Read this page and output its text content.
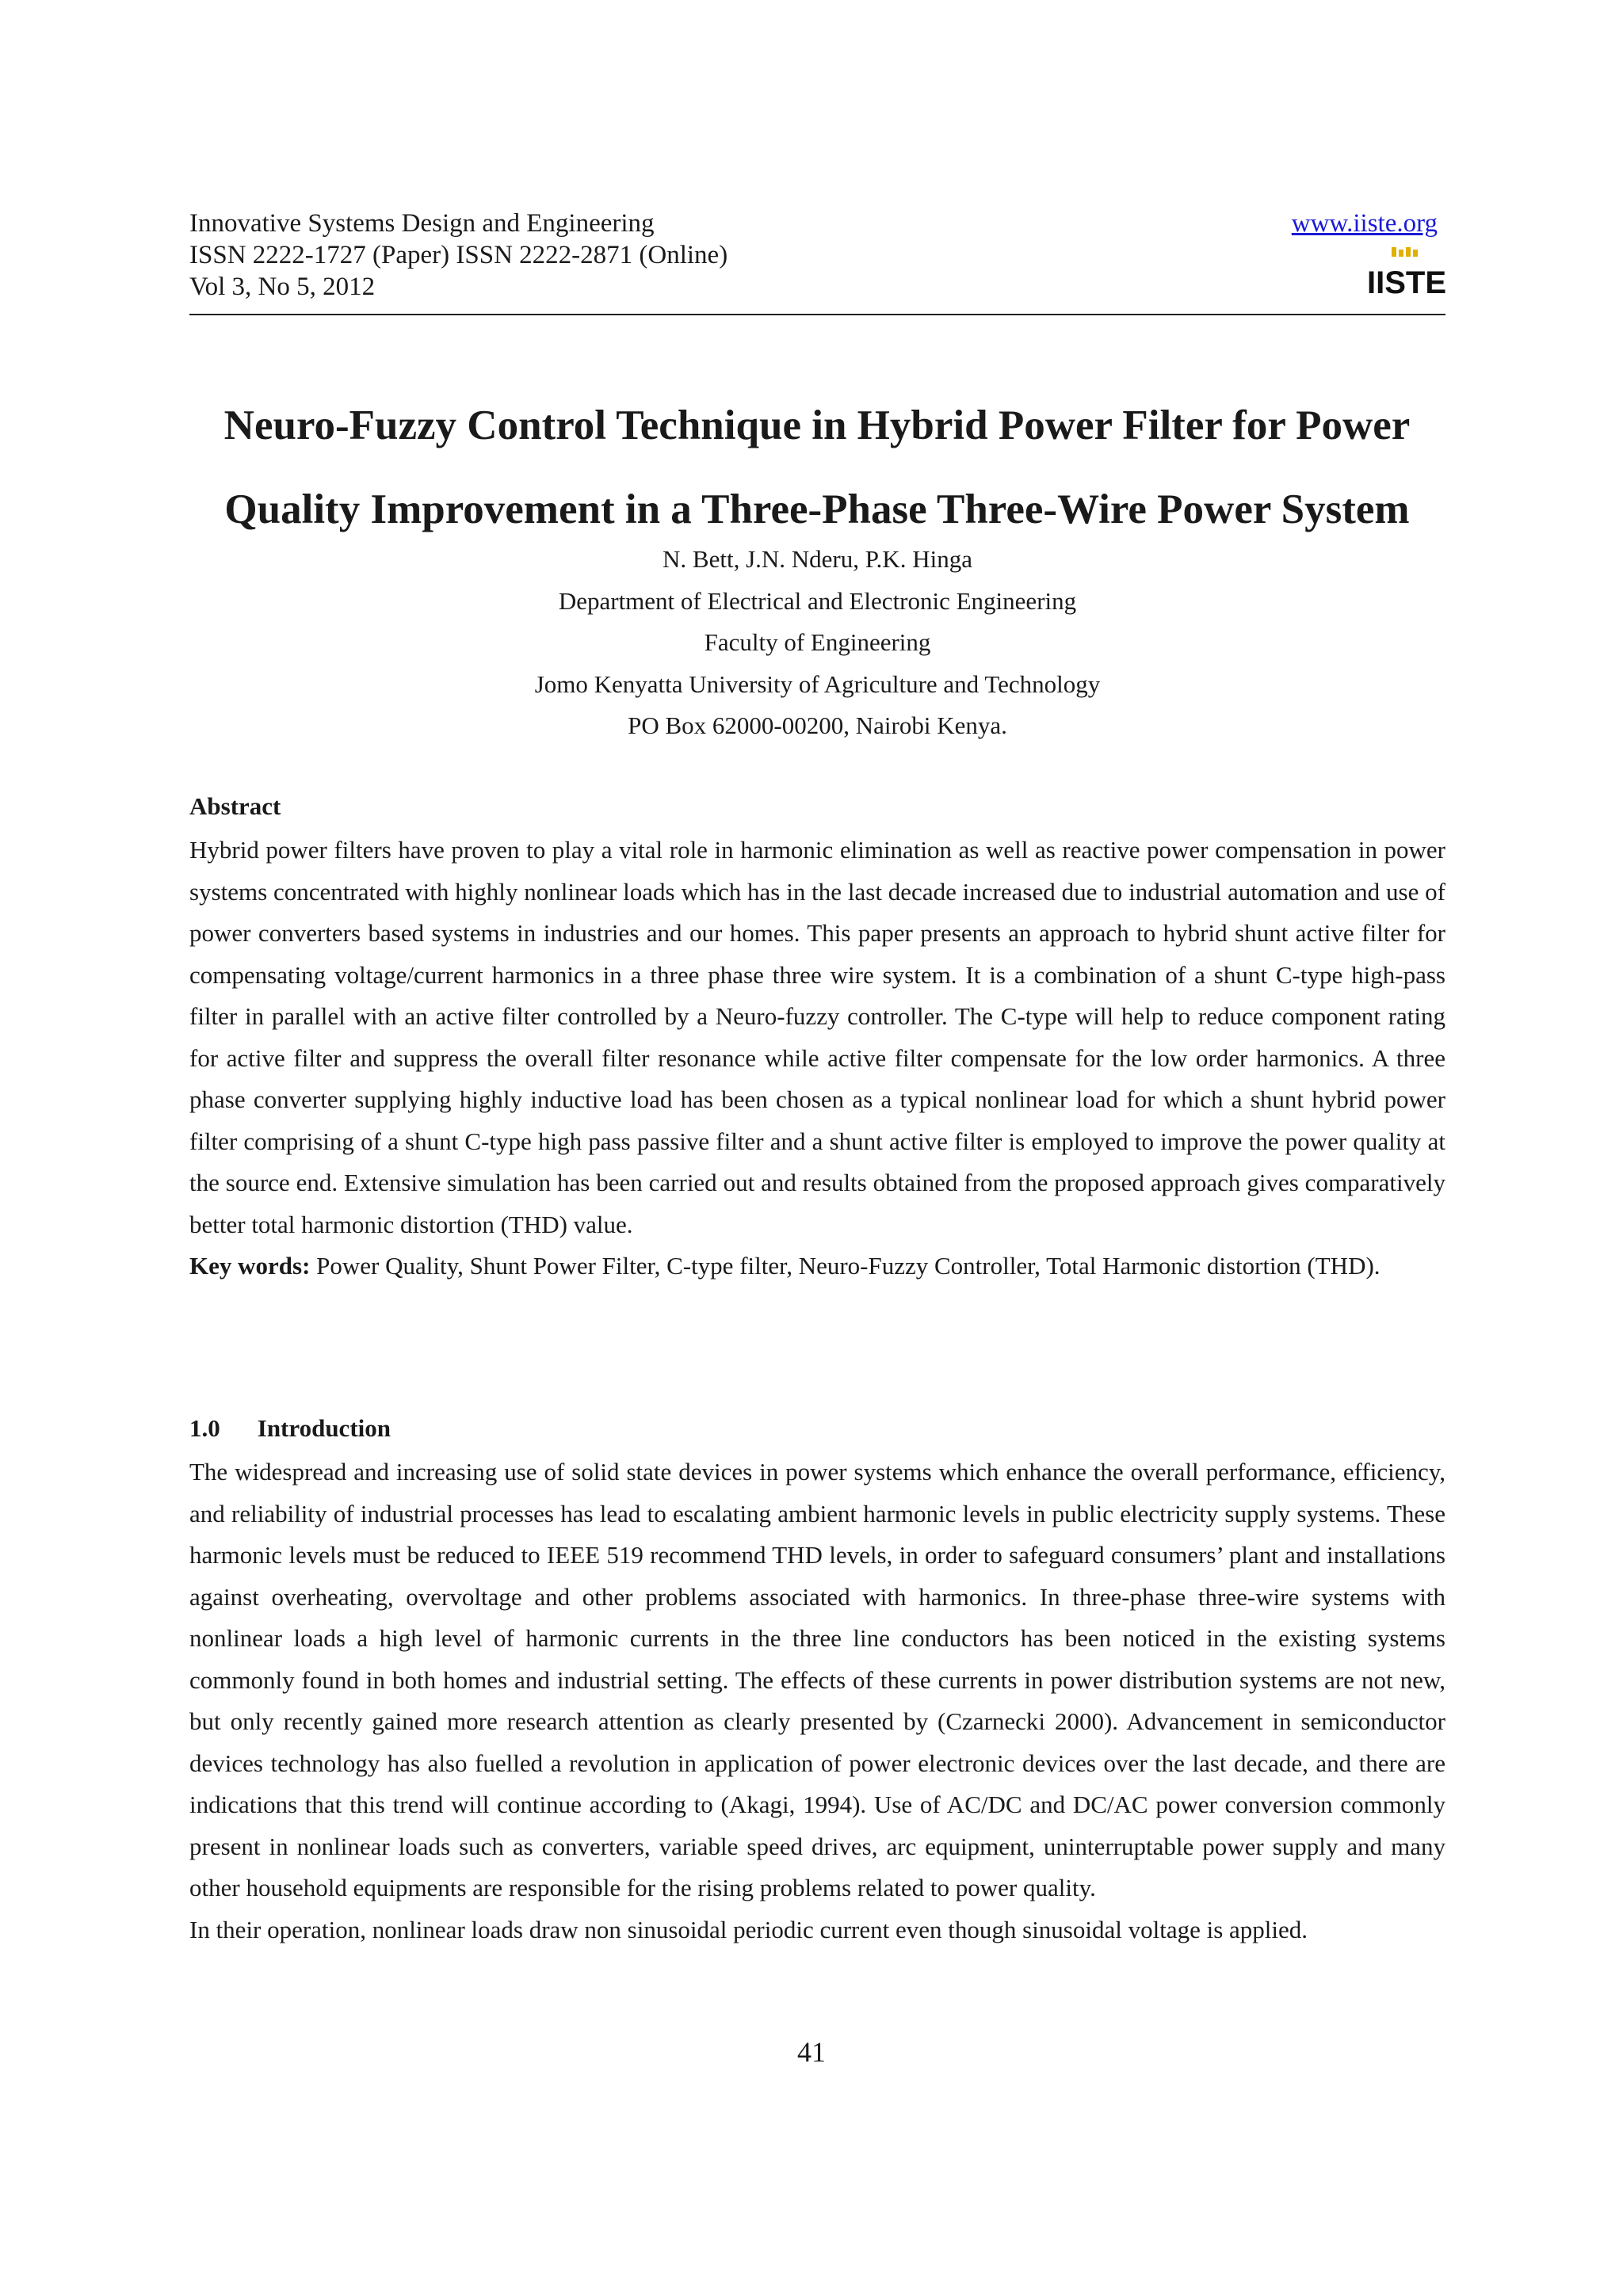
Innovative Systems Design and Engineering
ISSN 2222-1727 (Paper) ISSN 2222-2871 (Online)
Vol 3, No 5, 2012
www.iiste.org
IISTE
Neuro-Fuzzy Control Technique in Hybrid Power Filter for Power
Quality Improvement in a Three-Phase Three-Wire Power System
N. Bett, J.N. Nderu, P.K. Hinga
Department of Electrical and Electronic Engineering
Faculty of Engineering
Jomo Kenyatta University of Agriculture and Technology
PO Box 62000-00200, Nairobi Kenya.
Abstract

Hybrid power filters have proven to play a vital role in harmonic elimination as well as reactive power compensation in power systems concentrated with highly nonlinear loads which has in the last decade increased due to industrial automation and use of power converters based systems in industries and our homes. This paper presents an approach to hybrid shunt active filter for compensating voltage/current harmonics in a three phase three wire system. It is a combination of a shunt C-type high-pass filter in parallel with an active filter controlled by a Neuro-fuzzy controller. The C-type will help to reduce component rating for active filter and suppress the overall filter resonance while active filter compensate for the low order harmonics. A three phase converter supplying highly inductive load has been chosen as a typical nonlinear load for which a shunt hybrid power filter comprising of a shunt C-type high pass passive filter and a shunt active filter is employed to improve the power quality at the source end. Extensive simulation has been carried out and results obtained from the proposed approach gives comparatively better total harmonic distortion (THD) value.

Key words: Power Quality, Shunt Power Filter, C-type filter, Neuro-Fuzzy Controller, Total Harmonic distortion (THD).

1.0 Introduction

The widespread and increasing use of solid state devices in power systems which enhance the overall performance, efficiency, and reliability of industrial processes has lead to escalating ambient harmonic levels in public electricity supply systems. These harmonic levels must be reduced to IEEE 519 recommend THD levels, in order to safeguard consumers’ plant and installations against overheating, overvoltage and other problems associated with harmonics. In three-phase three-wire systems with nonlinear loads a high level of harmonic currents in the three line conductors has been noticed in the existing systems commonly found in both homes and industrial setting. The effects of these currents in power distribution systems are not new, but only recently gained more research attention as clearly presented by (Czarnecki 2000). Advancement in semiconductor devices technology has also fuelled a revolution in application of power electronic devices over the last decade, and there are indications that this trend will continue according to (Akagi, 1994). Use of AC/DC and DC/AC power conversion commonly present in nonlinear loads such as converters, variable speed drives, arc equipment, uninterruptable power supply and many other household equipments are responsible for the rising problems related to power quality.

In their operation, nonlinear loads draw non sinusoidal periodic current even though sinusoidal voltage is applied.

41
